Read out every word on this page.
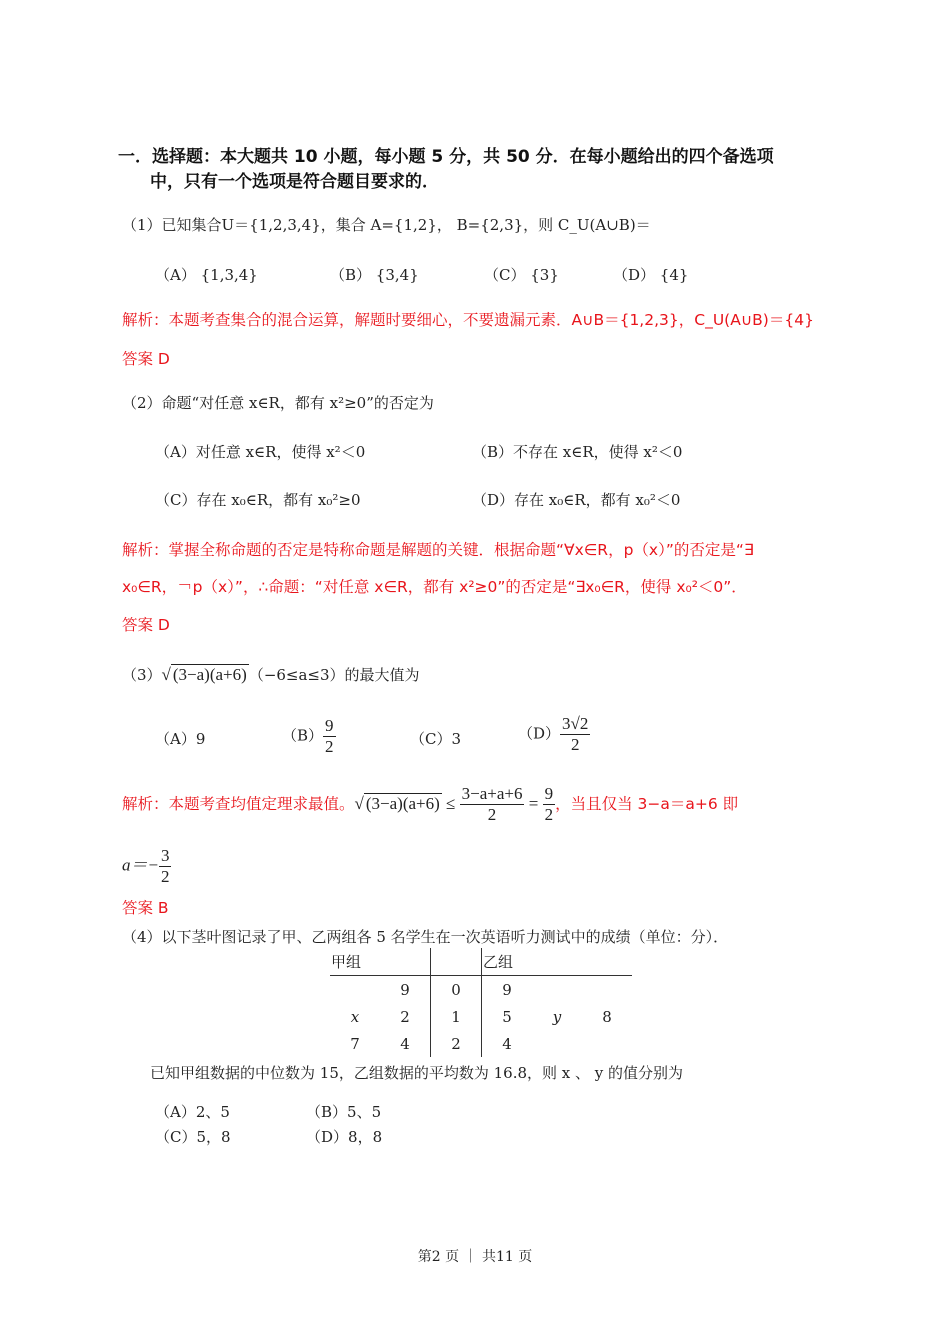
一．选择题：本大题共 10 小题，每小题 5 分，共 50 分．在每小题给出的四个备选项
中，只有一个选项是符合题目要求的．
（1）已知集合U＝{1,2,3,4}，集合 A={1,2}， B={2,3}，则 C_U(A∪B)＝
（A） {1,3,4}	（B） {3,4}	（C） {3}	（D） {4}
解析：本题考查集合的混合运算，解题时要细心，不要遗漏元素．A∪B＝{1,2,3}，C_U(A∪B)＝{4}
答案 D
（2）命题“对任意 x∈R，都有 x²≥0”的否定为
（A）对任意 x∈R，使得 x²＜0	（B）不存在 x∈R，使得 x²＜0
（C）存在 x₀∈R，都有 x₀²≥0	（D）存在 x₀∈R，都有 x₀²＜0
解析：掌握全称命题的否定是特称命题是解题的关键．根据命题“∀x∈R，p（x）”的否定是“∃
x₀∈R，￢p（x）”，∴命题：“对任意 x∈R，都有 x²≥0”的否定是“∃x₀∈R，使得 x₀²＜0”．
答案 D
（3）√ (3−a)(a+6) （−6≤a≤3）的最大值为
（A）9	$(B) \frac{9}{2}$	（C）3	$(D) \frac{3√2}{2}$
解析：本题考查均值定理求最值。√ $(3-a)(a+6) \le \frac{3-a+a+6}{2} = \frac{9}{2}$ ，当且仅当 3−a＝a+6 即
$a=- \frac{3}{2}$
答案 B
（4）以下茎叶图记录了甲、乙两组各 5 名学生在一次英语听力测试中的成绩（单位：分）．
甲组			乙组		
	9	0	9		
x	2	1	5	y	8
7	4	2	4		
已知甲组数据的中位数为 15，乙组数据的平均数为 16.8，则 x 、 y 的值分别为
（A）2、5	（B）5、5
（C）5，8	（D）8，8
第2 页 ｜ 共11 页
